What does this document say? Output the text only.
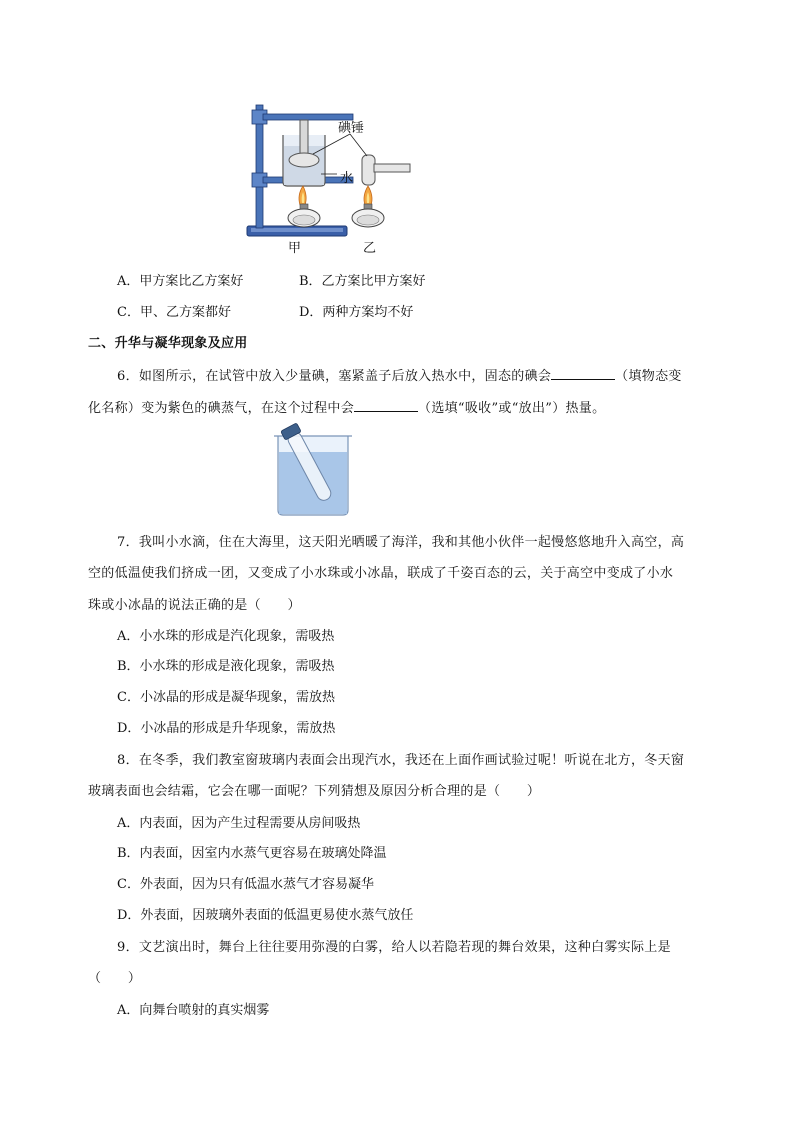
碘锤
水
甲	乙
A．甲方案比乙方案好	B．乙方案比甲方案好
C．甲、乙方案都好	D．两种方案均不好
二、升华与凝华现象及应用
6．如图所示，在试管中放入少量碘，塞紧盖子后放入热水中，固态的碘会	（填物态变
化名称）变为紫色的碘蒸气，在这个过程中会	（选填“吸收”或“放出”）热量。
7．我叫小水滴，住在大海里，这天阳光晒暖了海洋，我和其他小伙伴一起慢悠悠地升入高空，高
空的低温使我们挤成一团，又变成了小水珠或小冰晶，联成了千姿百态的云，关于高空中变成了小水
珠或小冰晶的说法正确的是（　　）
A．小水珠的形成是汽化现象，需吸热
B．小水珠的形成是液化现象，需吸热
C．小冰晶的形成是凝华现象，需放热
D．小冰晶的形成是升华现象，需放热
8．在冬季，我们教室窗玻璃内表面会出现汽水，我还在上面作画试验过呢！听说在北方，冬天窗
玻璃表面也会结霜，它会在哪一面呢？下列猜想及原因分析合理的是（　　）
A．内表面，因为产生过程需要从房间吸热
B．内表面，因室内水蒸气更容易在玻璃处降温
C．外表面，因为只有低温水蒸气才容易凝华
D．外表面，因玻璃外表面的低温更易使水蒸气放任
9．文艺演出时，舞台上往往要用弥漫的白雾，给人以若隐若现的舞台效果，这种白雾实际上是
（　　）
A．向舞台喷射的真实烟雾
